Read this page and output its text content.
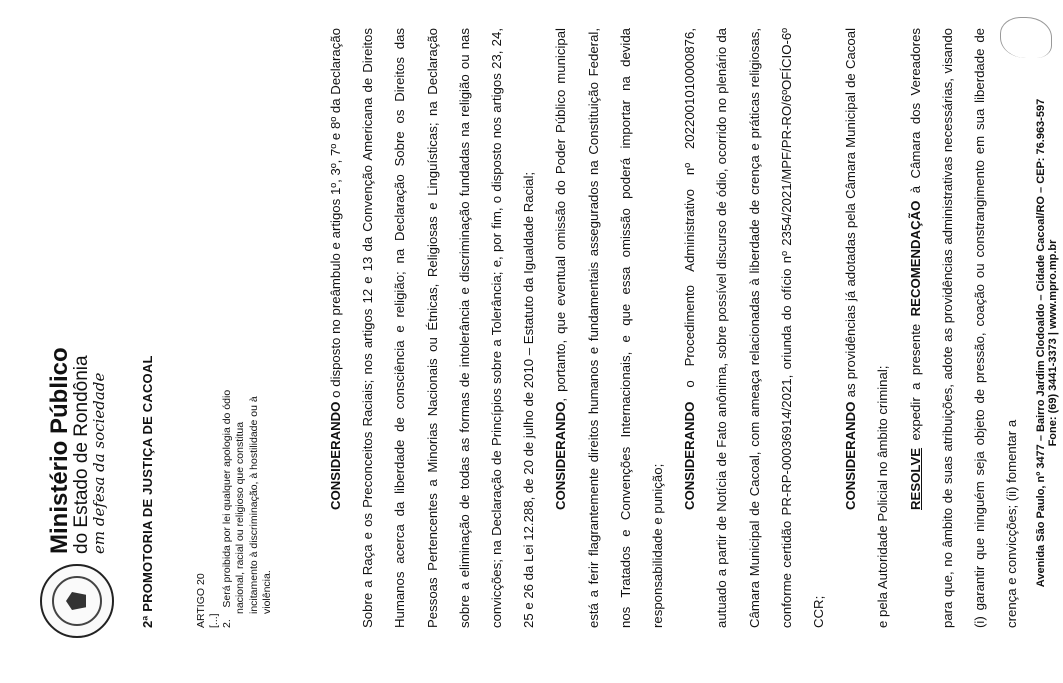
Ministério Público
do Estado de Rondônia
em defesa da sociedade 2ª PROMOTORIA DE JUSTIÇA DE CACOAL	ARTIGO 20 [...] 2.    Será proibida por lei qualquer apologia do ódio nacional, racial ou religioso que constitua incitamento à discriminação, à hostilidade ou à violência.

CONSIDERANDO o disposto no preâmbulo e artigos 1º, 3º, 7º e 8º da Declaração Sobre a Raça e os Preconceitos Raciais; nos artigos 12 e 13 da Convenção Americana de Direitos Humanos acerca da liberdade de consciência e religião; na Declaração Sobre os Direitos das Pessoas Pertencentes a Minorias Nacionais ou Étnicas, Religiosas e Linguísticas; na Declaração sobre a eliminação de todas as formas de intolerância e discriminação fundadas na religião ou nas convicções; na Declaração de Princípios sobre a Tolerância; e, por fim, o disposto nos artigos 23, 24, 25 e 26 da Lei 12.288, de 20 de julho de 2010 – Estatuto da Igualdade Racial;	CONSIDERANDO, portanto, que eventual omissão do Poder Público municipal está a ferir flagrantemente direitos humanos e fundamentais assegurados na Constituição Federal, nos Tratados e Convenções Internacionais, e que essa omissão poderá importar na devida responsabilidade e punição;

CONSIDERANDO o Procedimento Administrativo nº 2022001010000876, autuado a partir de Notícia de Fato anônima, sobre possível discurso de ódio, ocorrido no plenário da Câmara Municipal de Cacoal, com ameaça relacionadas à liberdade de crença e práticas religiosas, conforme certidão PR-RP-00036914/2021, oriunda do ofício nº 2354/2021/MPF/PR-RO/6ºOFÍCIO-6º CCR;

CONSIDERANDO as providências já adotadas pela Câmara Municipal de Cacoal e pela Autoridade Policial no âmbito criminal;	RESOLVE expedir a presente RECOMENDAÇÃO à Câmara dos Vereadores para que, no âmbito de suas atribuições, adote as providências administrativas necessárias, visando (i) garantir que ninguém seja objeto de pressão, coação ou constrangimento em sua liberdade de crença e convicções; (ii) fomentar a	Avenida São Paulo, nº 3477 – Bairro Jardim Clodoaldo – Cidade Cacoal/RO – CEP: 76.963-597 Fone: (69) 3441-3373 | www.mpro.mp.br
